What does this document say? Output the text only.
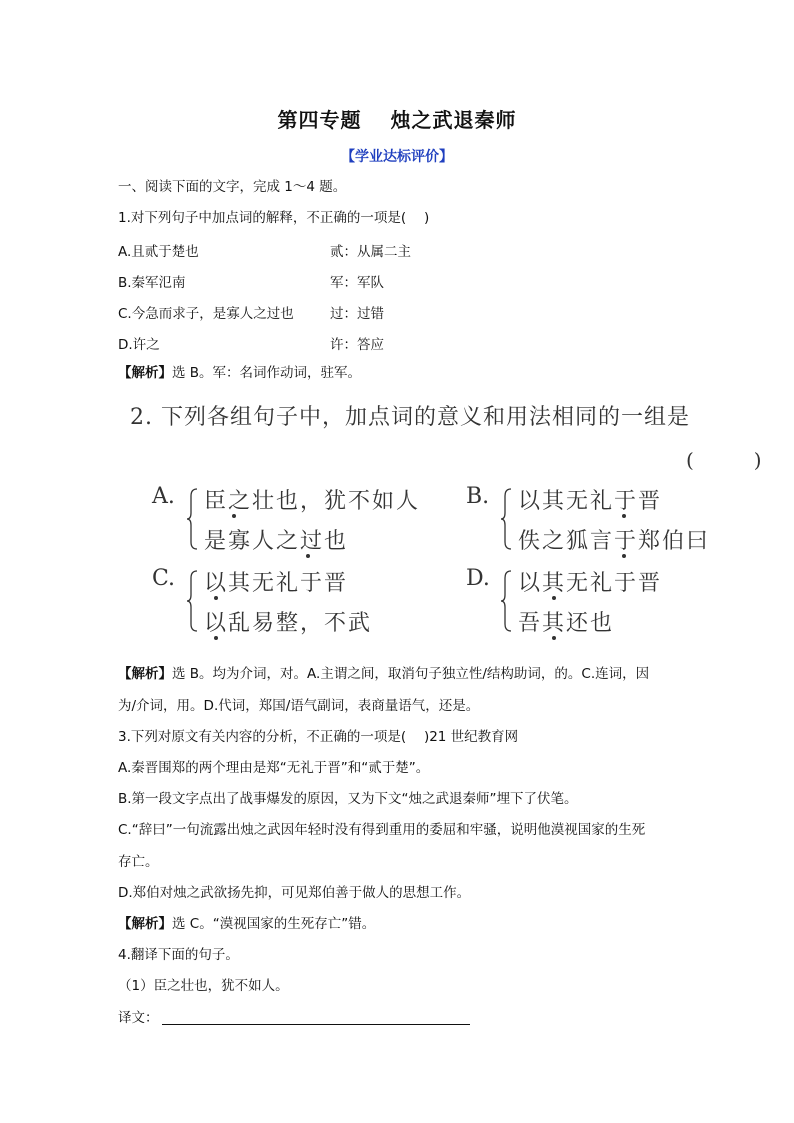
第四专题　 烛之武退秦师
【学业达标评价】
一、阅读下面的文字，完成 1～4 题。
1.对下列句子中加点词的解释，不正确的一项是(　 )
A.且贰于楚也	贰：从属二主
B.秦军氾南	军：军队
C.今急而求子，是寡人之过也	过：过错
D.许之	许：答应
【解析】选 B。军：名词作动词，驻军。
2. 下列各组句子中，加点词的意义和用法相同的一组是
(　　　)
A. 臣之壮也，犹不如人
是寡人之过也
B. 以其无礼于晋
佚之狐言于郑伯曰
C. 以其无礼于晋
以乱易整，不武
D. 以其无礼于晋
吾其还也
【解析】选 B。均为介词，对。A.主谓之间，取消句子独立性/结构助词，的。C.连词，因
为/介词，用。D.代词，郑国/语气副词，表商量语气，还是。
3.下列对原文有关内容的分析，不正确的一项是(　 )21 世纪教育网
A.秦晋围郑的两个理由是郑“无礼于晋”和“贰于楚”。
B.第一段文字点出了战事爆发的原因，又为下文“烛之武退秦师”埋下了伏笔。
C.“辞曰”一句流露出烛之武因年轻时没有得到重用的委屈和牢骚，说明他漠视国家的生死
存亡。
D.郑伯对烛之武欲扬先抑，可见郑伯善于做人的思想工作。
【解析】选 C。“漠视国家的生死存亡”错。
4.翻译下面的句子。
（1）臣之壮也，犹不如人。
译文：
